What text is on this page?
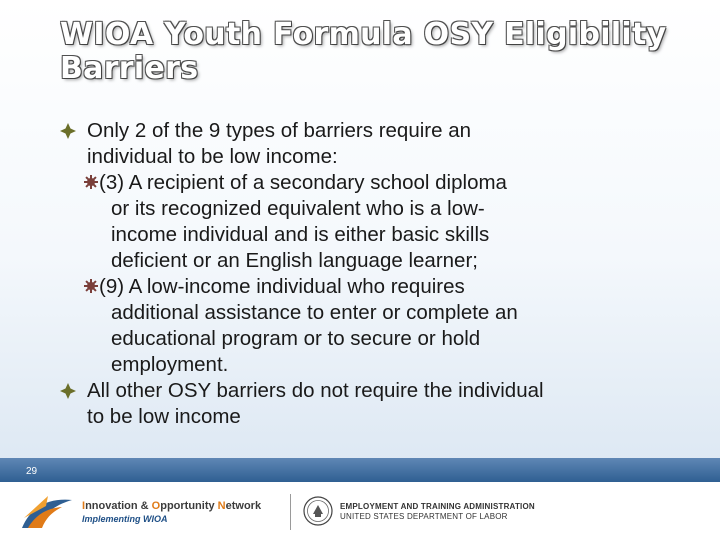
WIOA Youth Formula OSY Eligibility Barriers
Only 2 of the 9 types of barriers require an
individual to be low income:
(3) A recipient of a secondary school diploma
or its recognized equivalent who is a low-
income individual and is either basic skills
deficient or an English language learner;
(9) A low-income individual who requires
additional assistance to enter or complete an
educational program or to secure or hold
employment.
All other OSY barriers do not require the individual
to be low income
29
Innovation & Opportunity Network
Implementing WIOA
EMPLOYMENT AND TRAINING ADMINISTRATION
UNITED STATES DEPARTMENT OF LABOR
